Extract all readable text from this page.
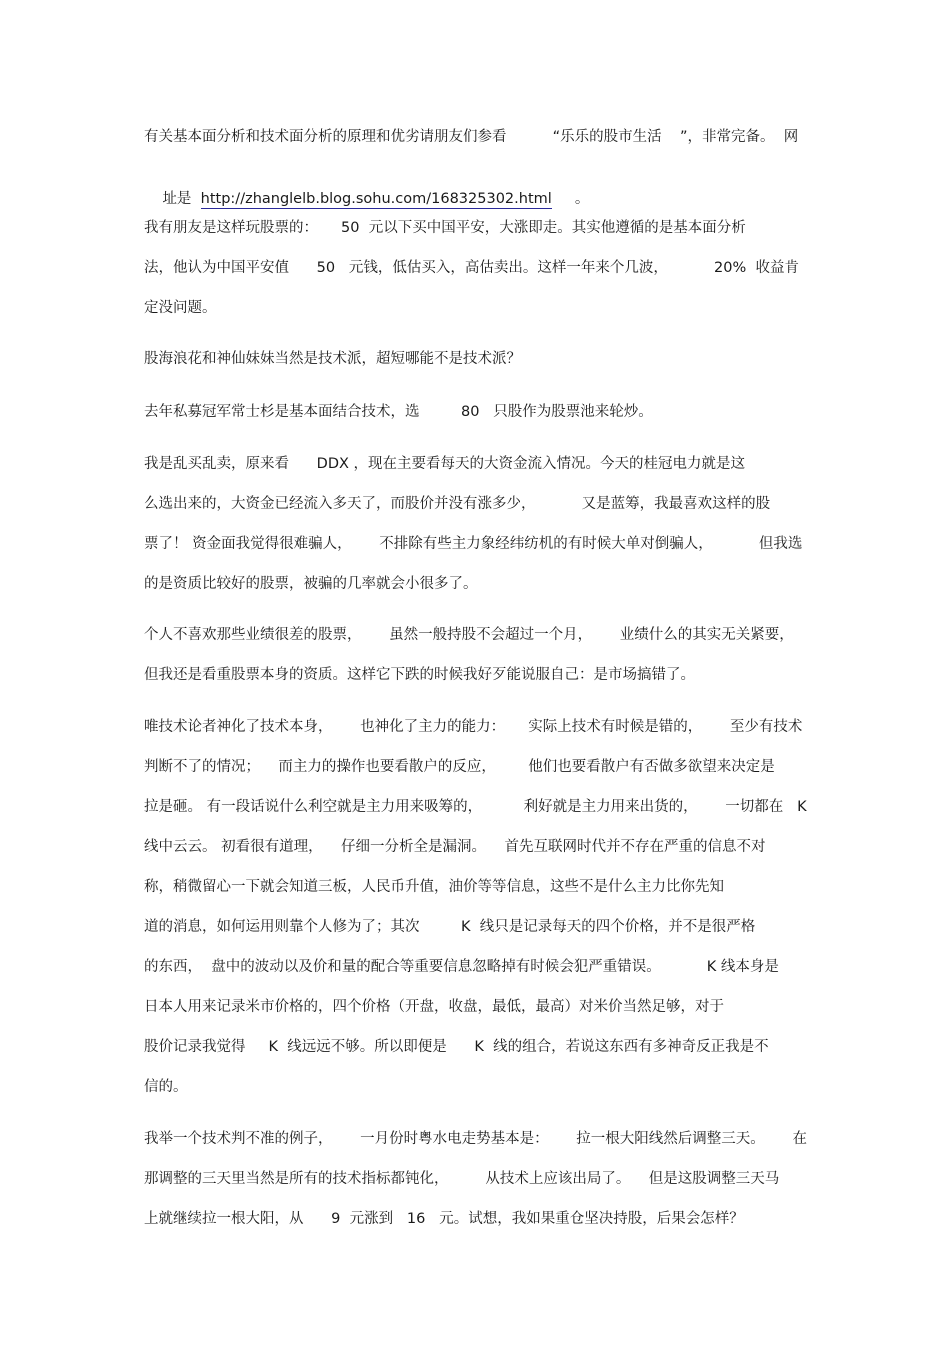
有关基本面分析和技术面分析的原理和优劣请朋友们参看          “乐乐的股市生活    ”，非常完备。  网

址是  http://zhanglelb.blog.sohu.com/168325302.html     。

我有朋友是这样玩股票的：     50  元以下买中国平安，大涨即走。其实他遵循的是基本面分析
法，他认为中国平安值      50   元钱，低估买入，高估卖出。这样一年来个几波，          20%  收益肯
定没问题。
股海浪花和神仙妹妹当然是技术派，超短哪能不是技术派？
去年私募冠军常士杉是基本面结合技术，选         80   只股作为股票池来轮炒。
我是乱买乱卖，原来看      DDX ，现在主要看每天的大资金流入情况。今天的桂冠电力就是这
么选出来的，大资金已经流入多天了，而股价并没有涨多少，          又是蓝筹，我最喜欢这样的股
票了！ 资金面我觉得很难骗人，      不排除有些主力象经纬纺机的有时候大单对倒骗人，          但我选
的是资质比较好的股票，被骗的几率就会小很多了。
个人不喜欢那些业绩很差的股票，      虽然一般持股不会超过一个月，      业绩什么的其实无关紧要，
但我还是看重股票本身的资质。这样它下跌的时候我好歹能说服自己：是市场搞错了。
唯技术论者神化了技术本身，      也神化了主力的能力：     实际上技术有时候是错的，      至少有技术
判断不了的情况；    而主力的操作也要看散户的反应，       他们也要看散户有否做多欲望来决定是
拉是砸。 有一段话说什么利空就是主力用来吸筹的，         利好就是主力用来出货的，      一切都在   K
线中云云。 初看很有道理，    仔细一分析全是漏洞。    首先互联网时代并不存在严重的信息不对
称，稍微留心一下就会知道三板，人民币升值，油价等等信息，这些不是什么主力比你先知
道的消息，如何运用则靠个人修为了；其次         K  线只是记录每天的四个价格，并不是很严格
的东西，  盘中的波动以及价和量的配合等重要信息忽略掉有时候会犯严重错误。          K 线本身是
日本人用来记录米市价格的，四个价格（开盘，收盘，最低，最高）对米价当然足够，对于
股价记录我觉得     K  线远远不够。所以即便是      K  线的组合，若说这东西有多神奇反正我是不
信的。
我举一个技术判不准的例子，      一月份时粤水电走势基本是：      拉一根大阳线然后调整三天。      在
那调整的三天里当然是所有的技术指标都钝化，        从技术上应该出局了。    但是这股调整三天马
上就继续拉一根大阳，从      9  元涨到   16   元。试想，我如果重仓坚决持股，后果会怎样？
